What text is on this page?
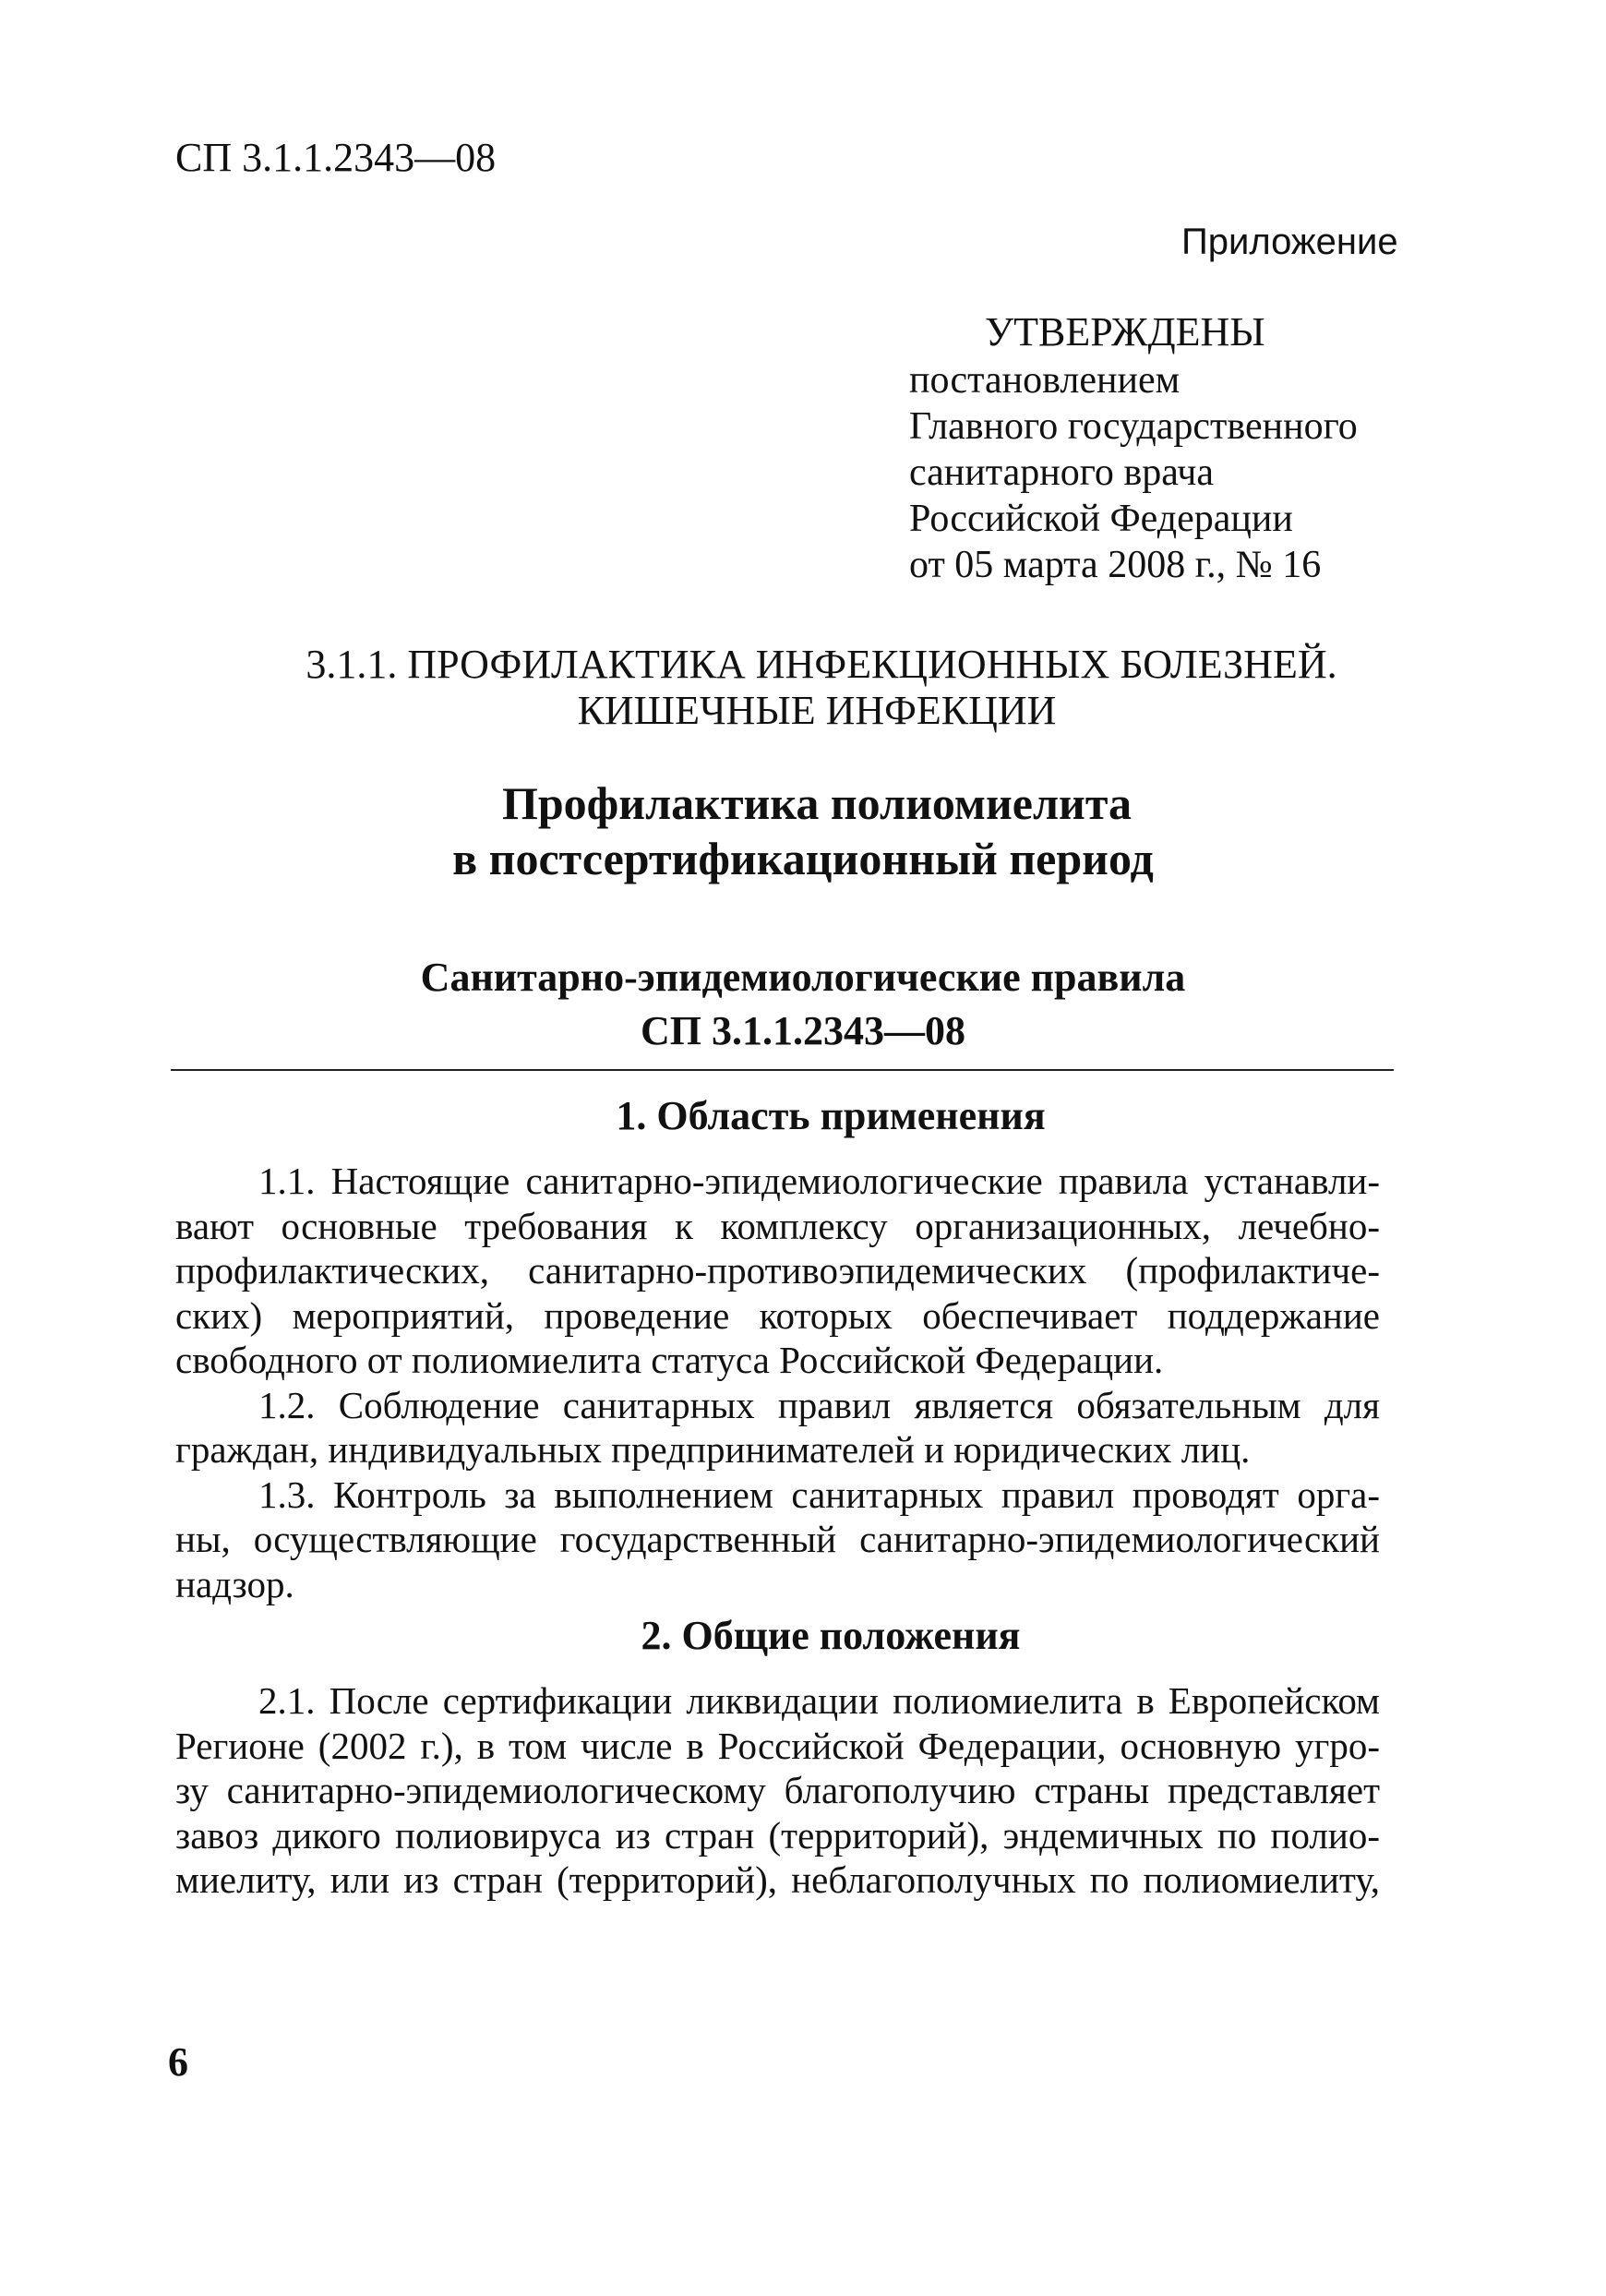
СП 3.1.1.2343—08
Приложение
УТВЕРЖДЕНЫ
постановлением
Главного государственного
санитарного врача
Российской Федерации
от 05 марта 2008 г., № 16
3.1.1. ПРОФИЛАКТИКА ИНФЕКЦИОННЫХ БОЛЕЗНЕЙ.
КИШЕЧНЫЕ ИНФЕКЦИИ
Профилактика полиомиелита
в постсертификационный период
Санитарно-эпидемиологические правила
СП 3.1.1.2343—08
1. Область применения
1.1. Настоящие санитарно-эпидемиологические правила устанавли-
вают основные требования к комплексу организационных, лечебно-
профилактических, санитарно-противоэпидемических (профилактиче-
ских) мероприятий, проведение которых обеспечивает поддержание
свободного от полиомиелита статуса Российской Федерации.
1.2. Соблюдение санитарных правил является обязательным для
граждан, индивидуальных предпринимателей и юридических лиц.
1.3. Контроль за выполнением санитарных правил проводят орга-
ны, осуществляющие государственный санитарно-эпидемиологический
надзор.
2. Общие положения
2.1. После сертификации ликвидации полиомиелита в Европейском
Регионе (2002 г.), в том числе в Российской Федерации, основную угро-
зу санитарно-эпидемиологическому благополучию страны представляет
завоз дикого полиовируса из стран (территорий), эндемичных по полио-
миелиту, или из стран (территорий), неблагополучных по полиомиелиту,
6
